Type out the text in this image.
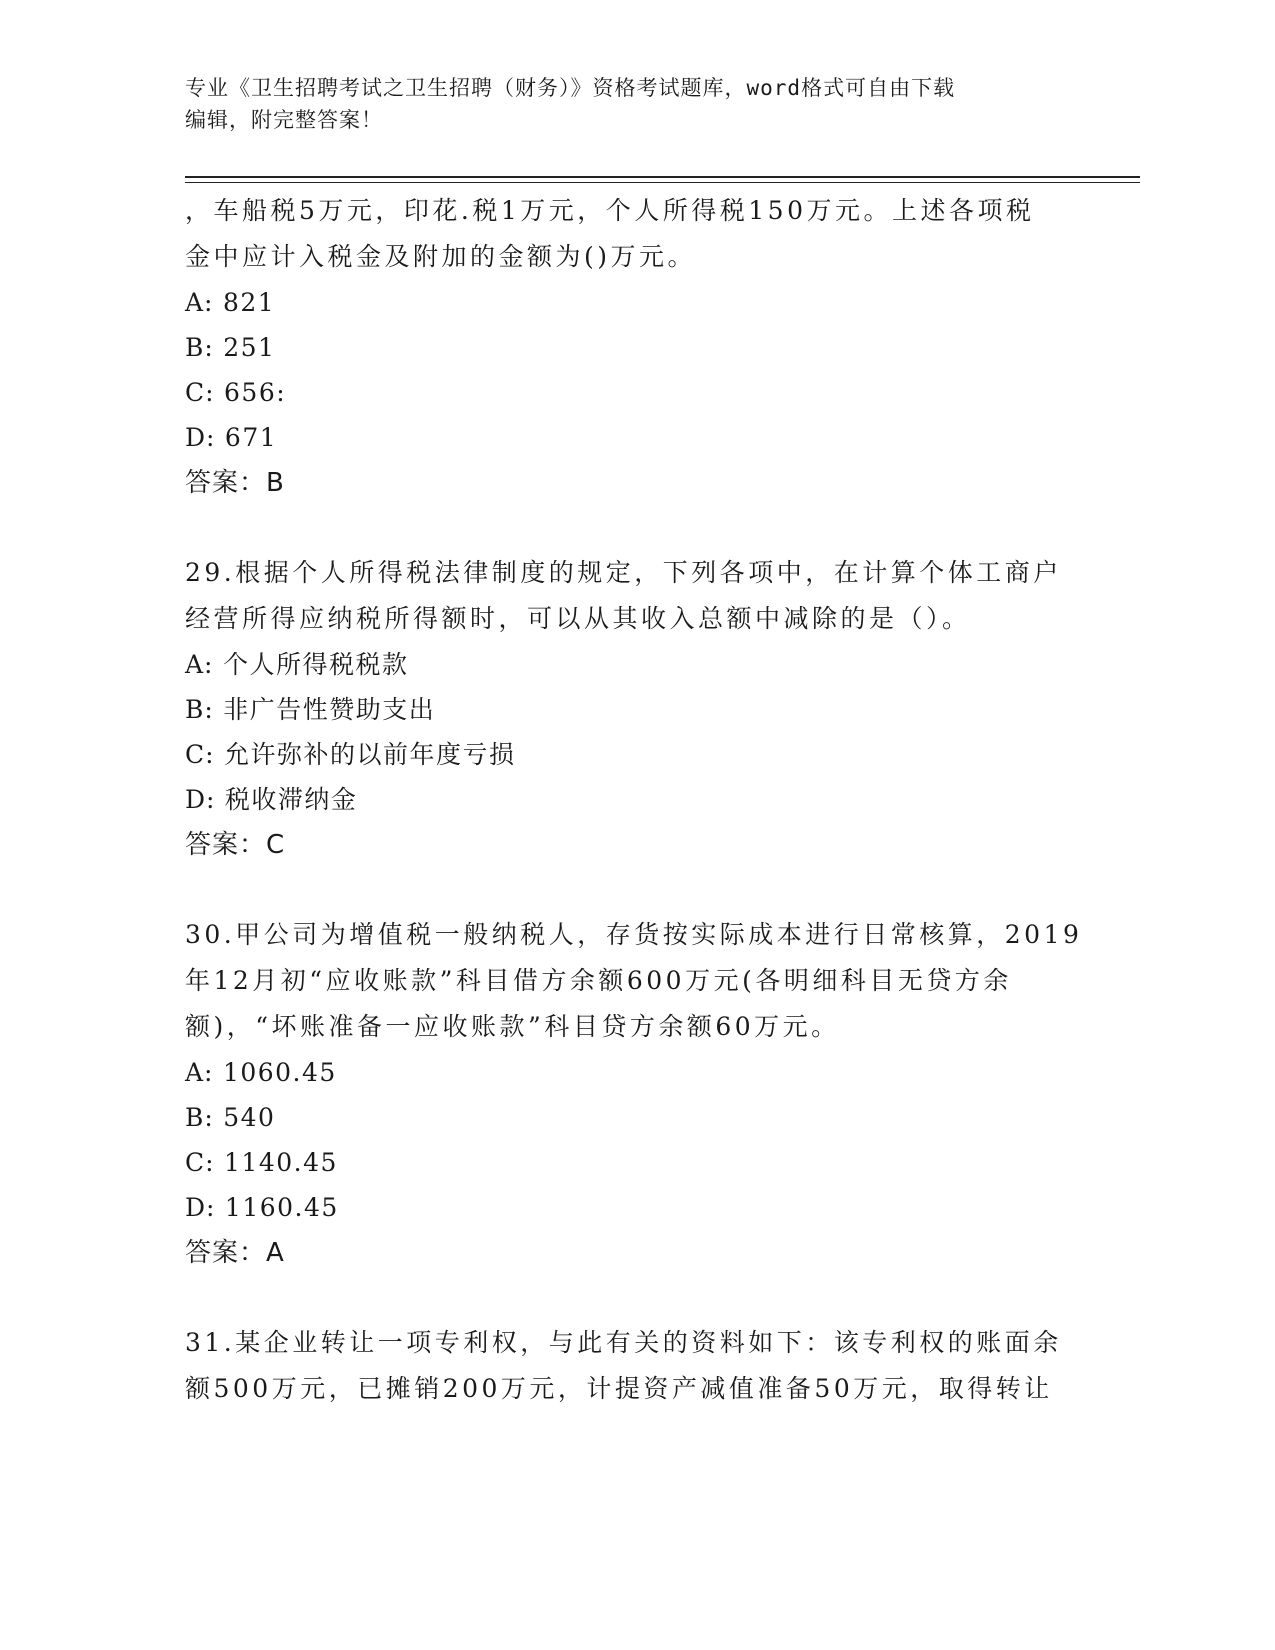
专业《卫生招聘考试之卫生招聘（财务）》资格考试题库，word格式可自由下载
编辑，附完整答案！

，车船税5万元，印花.税1万元，个人所得税150万元。上述各项税

金中应计入税金及附加的金额为()万元。

A: 821

B: 251

C: 656:

D: 671

答案：B

29.根据个人所得税法律制度的规定，下列各项中，在计算个体工商户

经营所得应纳税所得额时，可以从其收入总额中减除的是（）。

A: 个人所得税税款

B: 非广告性赞助支出

C: 允许弥补的以前年度亏损

D: 税收滞纳金

答案：C

30.甲公司为增值税一般纳税人，存货按实际成本进行日常核算，2019

年12月初“应收账款”科目借方余额600万元(各明细科目无贷方余

额)，“坏账准备一应收账款”科目贷方余额60万元。

A: 1060.45

B: 540

C: 1140.45

D: 1160.45

答案：A

31.某企业转让一项专利权，与此有关的资料如下：该专利权的账面余

额500万元，已摊销200万元，计提资产减值准备50万元，取得转让
